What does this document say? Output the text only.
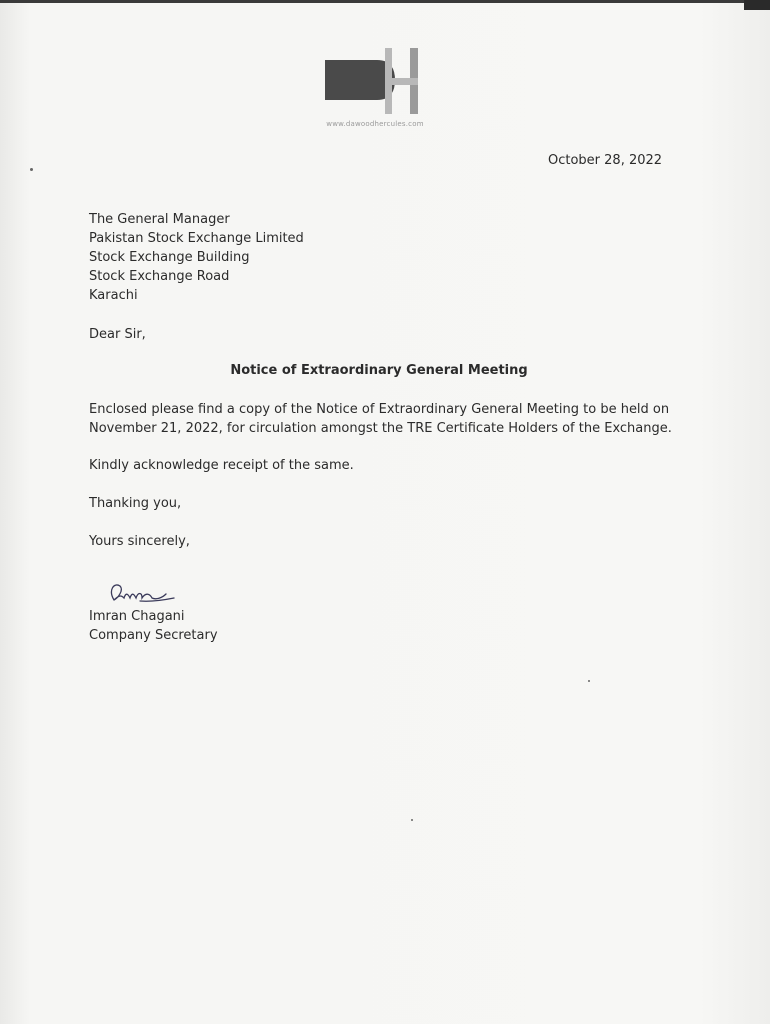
www.dawoodhercules.com
October 28, 2022
The General Manager
Pakistan Stock Exchange Limited
Stock Exchange Building
Stock Exchange Road
Karachi
Dear Sir,
Notice of Extraordinary General Meeting
Enclosed please find a copy of the Notice of Extraordinary General Meeting to be held on
November 21, 2022, for circulation amongst the TRE Certificate Holders of the Exchange.
Kindly acknowledge receipt of the same.
Thanking you,
Yours sincerely,
Imran Chagani
Company Secretary
